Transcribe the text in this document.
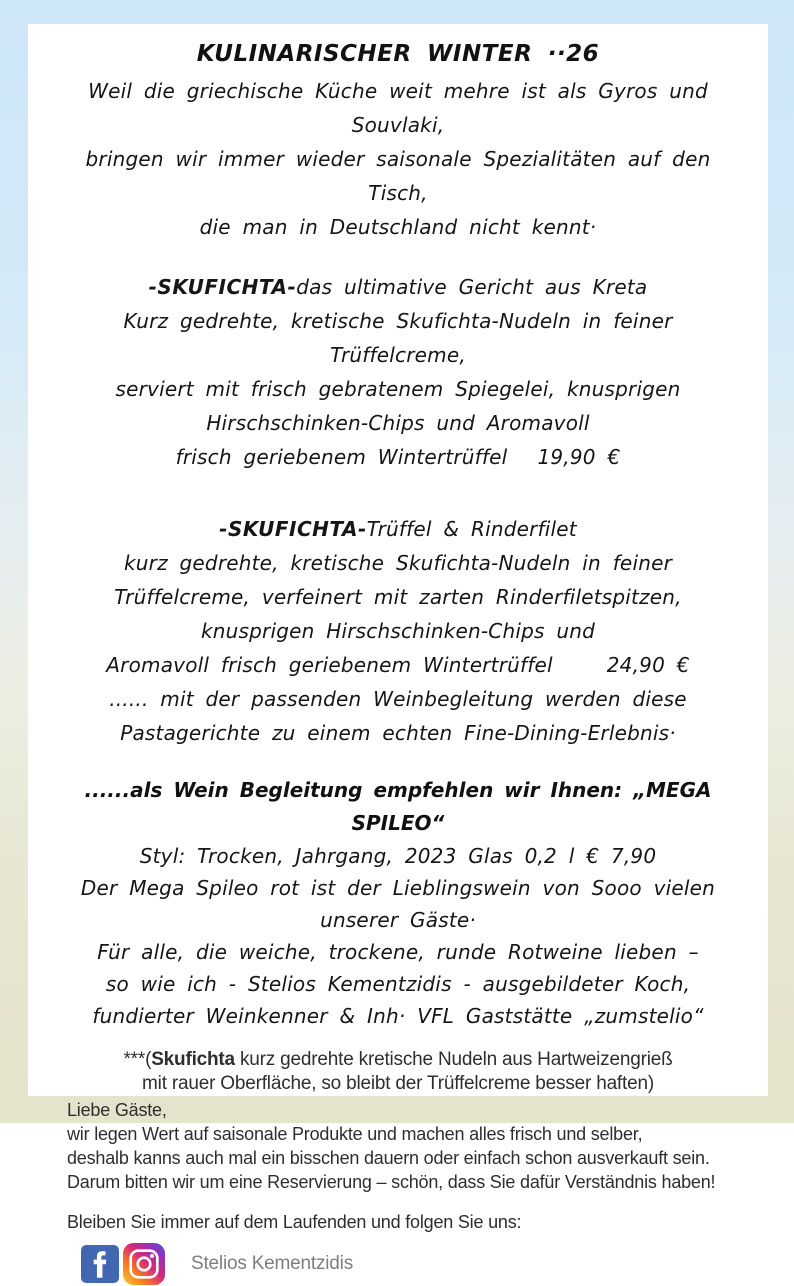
KULINARISCHER WINTER ··26
Weil die griechische Küche weit mehre ist als Gyros und Souvlaki,
bringen wir immer wieder saisonale Spezialitäten auf den Tisch,
die man in Deutschland nicht kennt·
-SKUFICHTA-das ultimative Gericht aus Kreta
Kurz gedrehte, kretische Skufichta-Nudeln in feiner Trüffelcreme,
serviert mit frisch gebratenem Spiegelei, knusprigen
Hirschschinken-Chips und Aromavoll
frisch geriebenem Wintertrüffel 19,90 €
-SKUFICHTA-Trüffel & Rinderfilet
kurz gedrehte, kretische Skufichta-Nudeln in feiner
Trüffelcreme, verfeinert mit zarten Rinderfiletspitzen,
knusprigen Hirschschinken-Chips und
Aromavoll frisch geriebenem Wintertrüffel	24,90 €
...... mit der passenden Weinbegleitung werden diese
Pastagerichte zu einem echten Fine-Dining-Erlebnis·
......als Wein Begleitung empfehlen wir Ihnen: „MEGA SPILEO“
Styl: Trocken, Jahrgang, 2023 Glas 0,2 l € 7,90
Der Mega Spileo rot ist der Lieblingswein von Sooo vielen unserer Gäste·
Für alle, die weiche, trockene, runde Rotweine lieben –
so wie ich - Stelios Kementzidis - ausgebildeter Koch,
fundierter Weinkenner & Inh· VFL Gaststätte „zumstelio“
***(Skufichta kurz gedrehte kretische Nudeln aus Hartweizengrieß
mit rauer Oberfläche, so bleibt der Trüffelcreme besser haften)
Liebe Gäste,
wir legen Wert auf saisonale Produkte und machen alles frisch und selber,
deshalb kanns auch mal ein bisschen dauern oder einfach schon ausverkauft sein.
Darum bitten wir um eine Reservierung – schön, dass Sie dafür Verständnis haben!
Bleiben Sie immer auf dem Laufenden und folgen Sie uns:
Stelios Kementzidis
